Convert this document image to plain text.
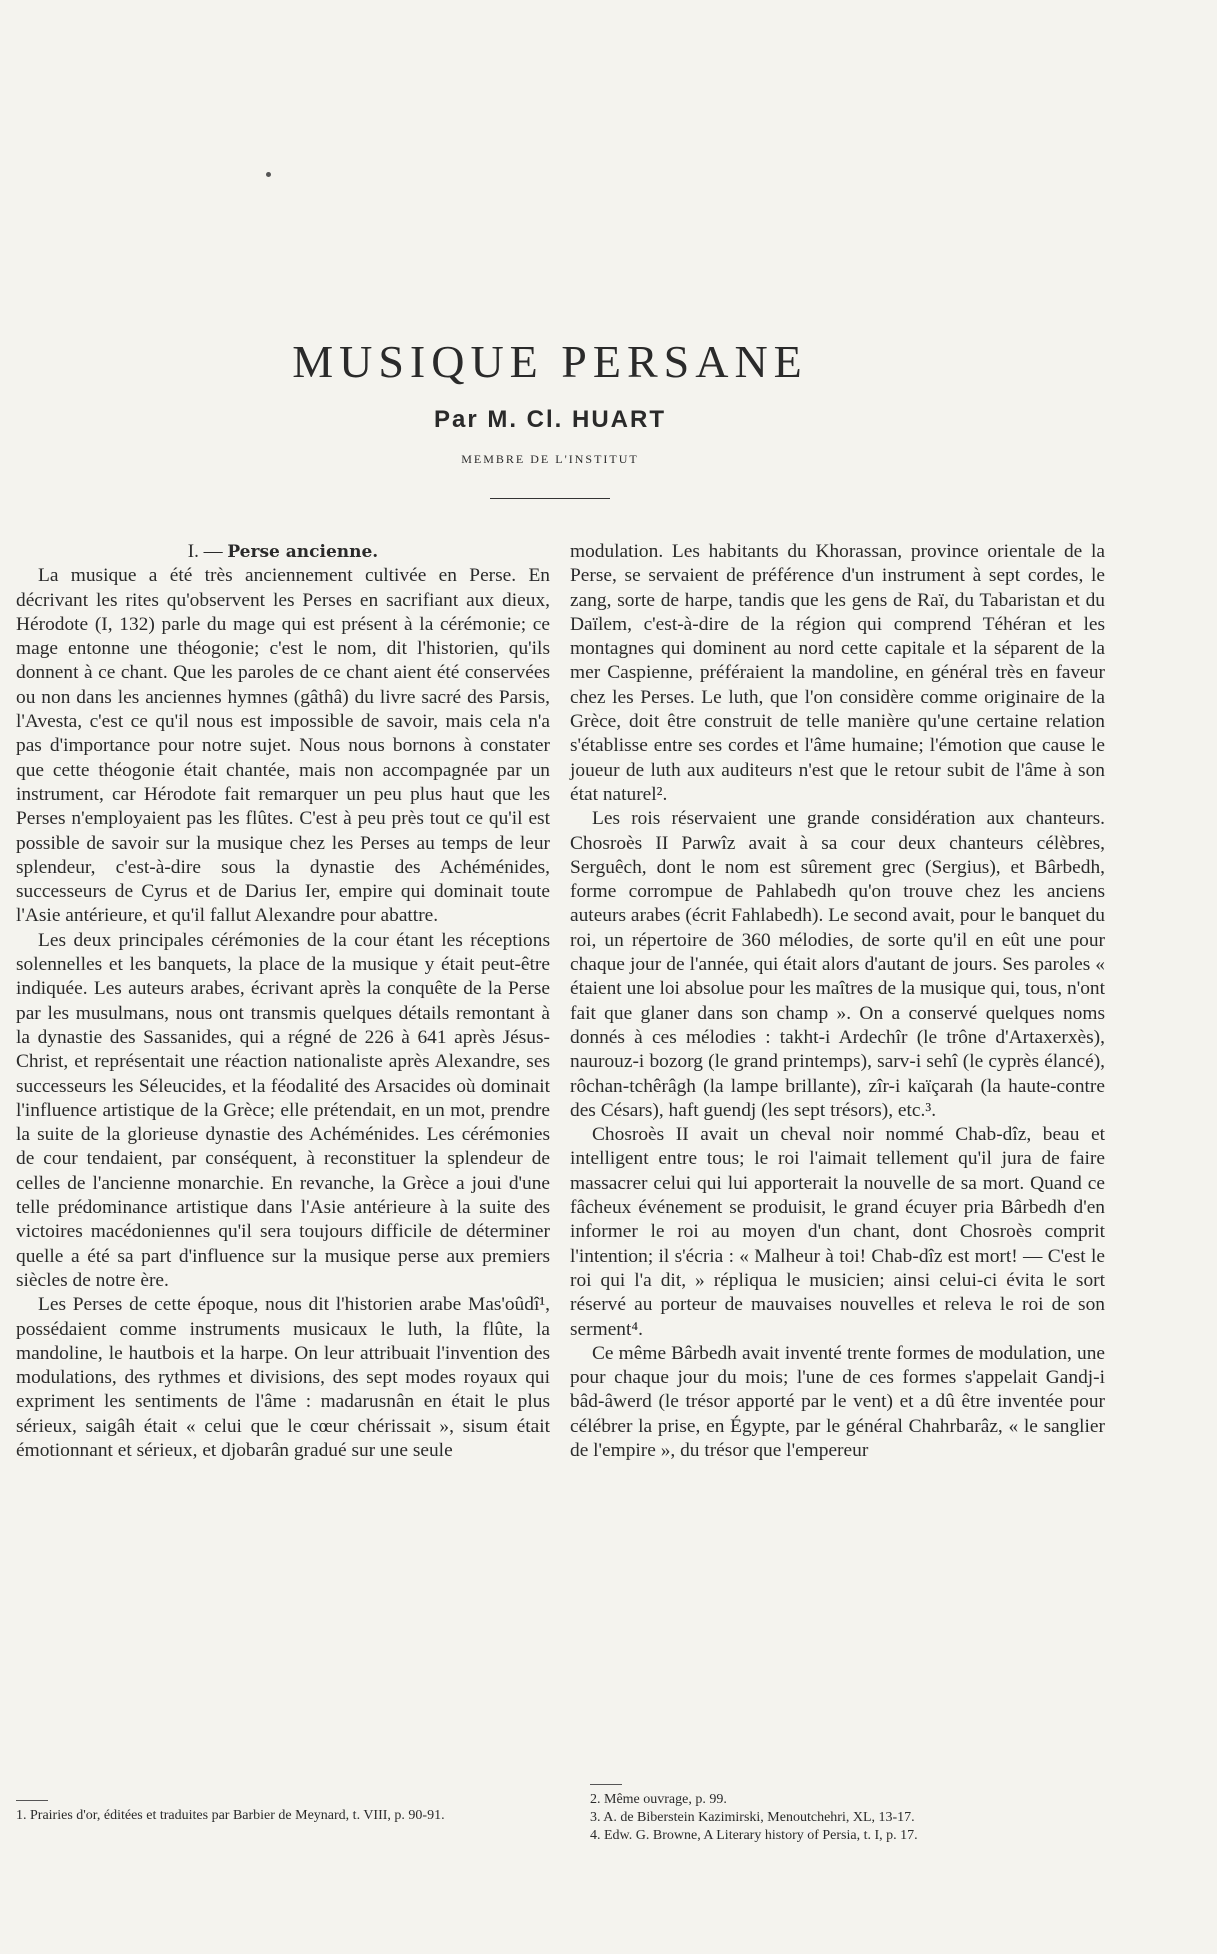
MUSIQUE PERSANE
Par M. Cl. HUART
MEMBRE DE L'INSTITUT

I. — Perse ancienne.

La musique a été très anciennement cultivée en Perse. En décrivant les rites qu'observent les Perses en sacrifiant aux dieux, Hérodote (I, 132) parle du mage qui est présent à la cérémonie; ce mage entonne une théogonie; c'est le nom, dit l'historien, qu'ils donnent à ce chant. Que les paroles de ce chant aient été conservées ou non dans les anciennes hymnes (gâthâ) du livre sacré des Parsis, l'Avesta, c'est ce qu'il nous est impossible de savoir, mais cela n'a pas d'importance pour notre sujet. Nous nous bornons à constater que cette théogonie était chantée, mais non accompagnée par un instrument, car Hérodote fait remarquer un peu plus haut que les Perses n'employaient pas les flûtes. C'est à peu près tout ce qu'il est possible de savoir sur la musique chez les Perses au temps de leur splendeur, c'est-à-dire sous la dynastie des Achéménides, successeurs de Cyrus et de Darius Ier, empire qui dominait toute l'Asie antérieure, et qu'il fallut Alexandre pour abattre.

Les deux principales cérémonies de la cour étant les réceptions solennelles et les banquets, la place de la musique y était peut-être indiquée. Les auteurs arabes, écrivant après la conquête de la Perse par les musulmans, nous ont transmis quelques détails remontant à la dynastie des Sassanides, qui a régné de 226 à 641 après Jésus-Christ, et représentait une réaction nationaliste après Alexandre, ses successeurs les Séleucides, et la féodalité des Arsacides où dominait l'influence artistique de la Grèce; elle prétendait, en un mot, prendre la suite de la glorieuse dynastie des Achéménides. Les cérémonies de cour tendaient, par conséquent, à reconstituer la splendeur de celles de l'ancienne monarchie. En revanche, la Grèce a joui d'une telle prédominance artistique dans l'Asie antérieure à la suite des victoires macédoniennes qu'il sera toujours difficile de déterminer quelle a été sa part d'influence sur la musique perse aux premiers siècles de notre ère.

Les Perses de cette époque, nous dit l'historien arabe Mas'oûdî¹, possédaient comme instruments musicaux le luth, la flûte, la mandoline, le hautbois et la harpe. On leur attribuait l'invention des modulations, des rythmes et divisions, des sept modes royaux qui expriment les sentiments de l'âme : madarusnân en était le plus sérieux, saigâh était « celui que le cœur chérissait », sisum était émotionnant et sérieux, et djobarân gradué sur une seule

modulation. Les habitants du Khorassan, province orientale de la Perse, se servaient de préférence d'un instrument à sept cordes, le zang, sorte de harpe, tandis que les gens de Raï, du Tabaristan et du Daïlem, c'est-à-dire de la région qui comprend Téhéran et les montagnes qui dominent au nord cette capitale et la séparent de la mer Caspienne, préféraient la mandoline, en général très en faveur chez les Perses. Le luth, que l'on considère comme originaire de la Grèce, doit être construit de telle manière qu'une certaine relation s'établisse entre ses cordes et l'âme humaine; l'émotion que cause le joueur de luth aux auditeurs n'est que le retour subit de l'âme à son état naturel².

Les rois réservaient une grande considération aux chanteurs. Chosroès II Parwîz avait à sa cour deux chanteurs célèbres, Serguêch, dont le nom est sûrement grec (Sergius), et Bârbedh, forme corrompue de Pahlabedh qu'on trouve chez les anciens auteurs arabes (écrit Fahlabedh). Le second avait, pour le banquet du roi, un répertoire de 360 mélodies, de sorte qu'il en eût une pour chaque jour de l'année, qui était alors d'autant de jours. Ses paroles « étaient une loi absolue pour les maîtres de la musique qui, tous, n'ont fait que glaner dans son champ ». On a conservé quelques noms donnés à ces mélodies : takht-i Ardechîr (le trône d'Artaxerxès), naurouz-i bozorg (le grand printemps), sarv-i sehî (le cyprès élancé), rôchan-tchêrâgh (la lampe brillante), zîr-i kaïçarah (la haute-contre des Césars), haft guendj (les sept trésors), etc.³.

Chosroès II avait un cheval noir nommé Chab-dîz, beau et intelligent entre tous; le roi l'aimait tellement qu'il jura de faire massacrer celui qui lui apporterait la nouvelle de sa mort. Quand ce fâcheux événement se produisit, le grand écuyer pria Bârbedh d'en informer le roi au moyen d'un chant, dont Chosroès comprit l'intention; il s'écria : « Malheur à toi! Chab-dîz est mort! — C'est le roi qui l'a dit, » répliqua le musicien; ainsi celui-ci évita le sort réservé au porteur de mauvaises nouvelles et releva le roi de son serment⁴.

Ce même Bârbedh avait inventé trente formes de modulation, une pour chaque jour du mois; l'une de ces formes s'appelait Gandj-i bâd-âwerd (le trésor apporté par le vent) et a dû être inventée pour célébrer la prise, en Égypte, par le général Chahrbarâz, « le sanglier de l'empire », du trésor que l'empereur

1. Prairies d'or, éditées et traduites par Barbier de Meynard, t. VIII, p. 90-91.

2. Même ouvrage, p. 99.

3. A. de Biberstein Kazimirski, Menoutchehri, XL, 13-17.

4. Edw. G. Browne, A Literary history of Persia, t. I, p. 17.
